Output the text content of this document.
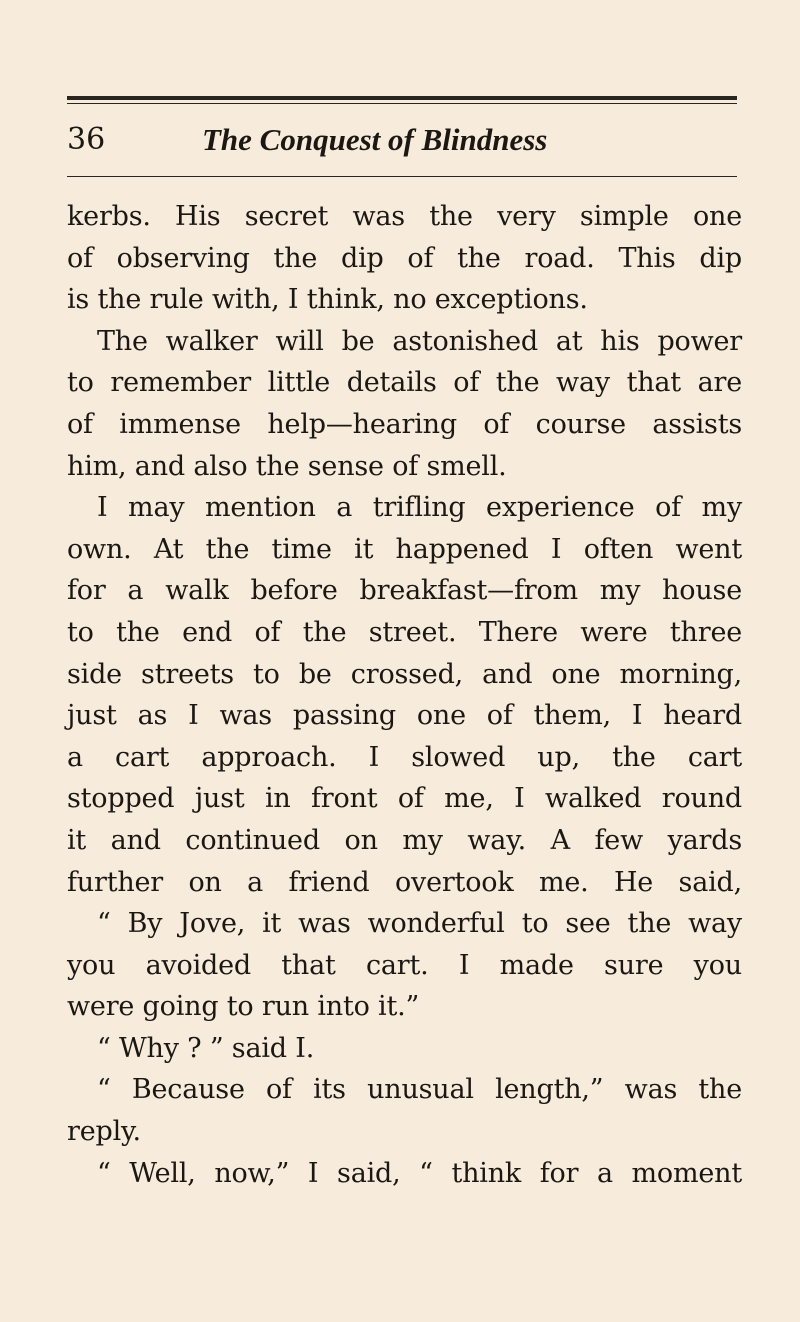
36	The Conquest of Blindness
kerbs. His secret was the very simple one
of observing the dip of the road. This dip
is the rule with, I think, no exceptions.
The walker will be astonished at his power
to remember little details of the way that are
of immense help—hearing of course assists
him, and also the sense of smell.
I may mention a trifling experience of my
own. At the time it happened I often went
for a walk before breakfast—from my house
to the end of the street. There were three
side streets to be crossed, and one morning,
just as I was passing one of them, I heard
a cart approach. I slowed up, the cart
stopped just in front of me, I walked round
it and continued on my way. A few yards
further on a friend overtook me. He said,
“ By Jove, it was wonderful to see the way
you avoided that cart. I made sure you
were going to run into it.”
“ Why ? ” said I.
“ Because of its unusual length,” was the
reply.
“ Well, now,” I said, “ think for a moment
